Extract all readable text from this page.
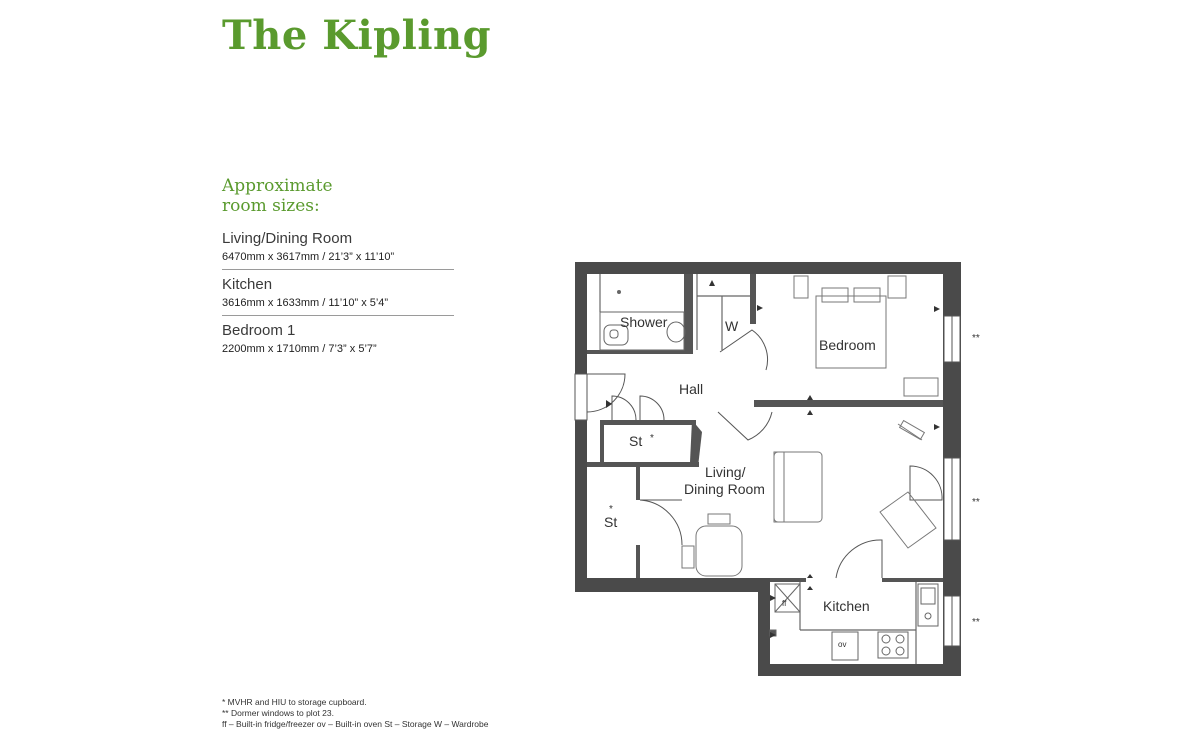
The Kipling
Approximate
room sizes:
Living/Dining Room
6470mm x 3617mm / 21’3” x 11’10”
Kitchen
3616mm x 1633mm / 11’10” x 5’4”
Bedroom 1
2200mm x 1710mm / 7’3” x 5’7”
Shower	W
Bedroom
Hall
St *
*
St
Living/
Dining Room
Kitchen
ff
ov
**
**
**
* MVHR and HIU to storage cupboard.
** Dormer windows to plot 23.
ff – Built-in fridge/freezer ov – Built-in oven St – Storage W – Wardrobe
